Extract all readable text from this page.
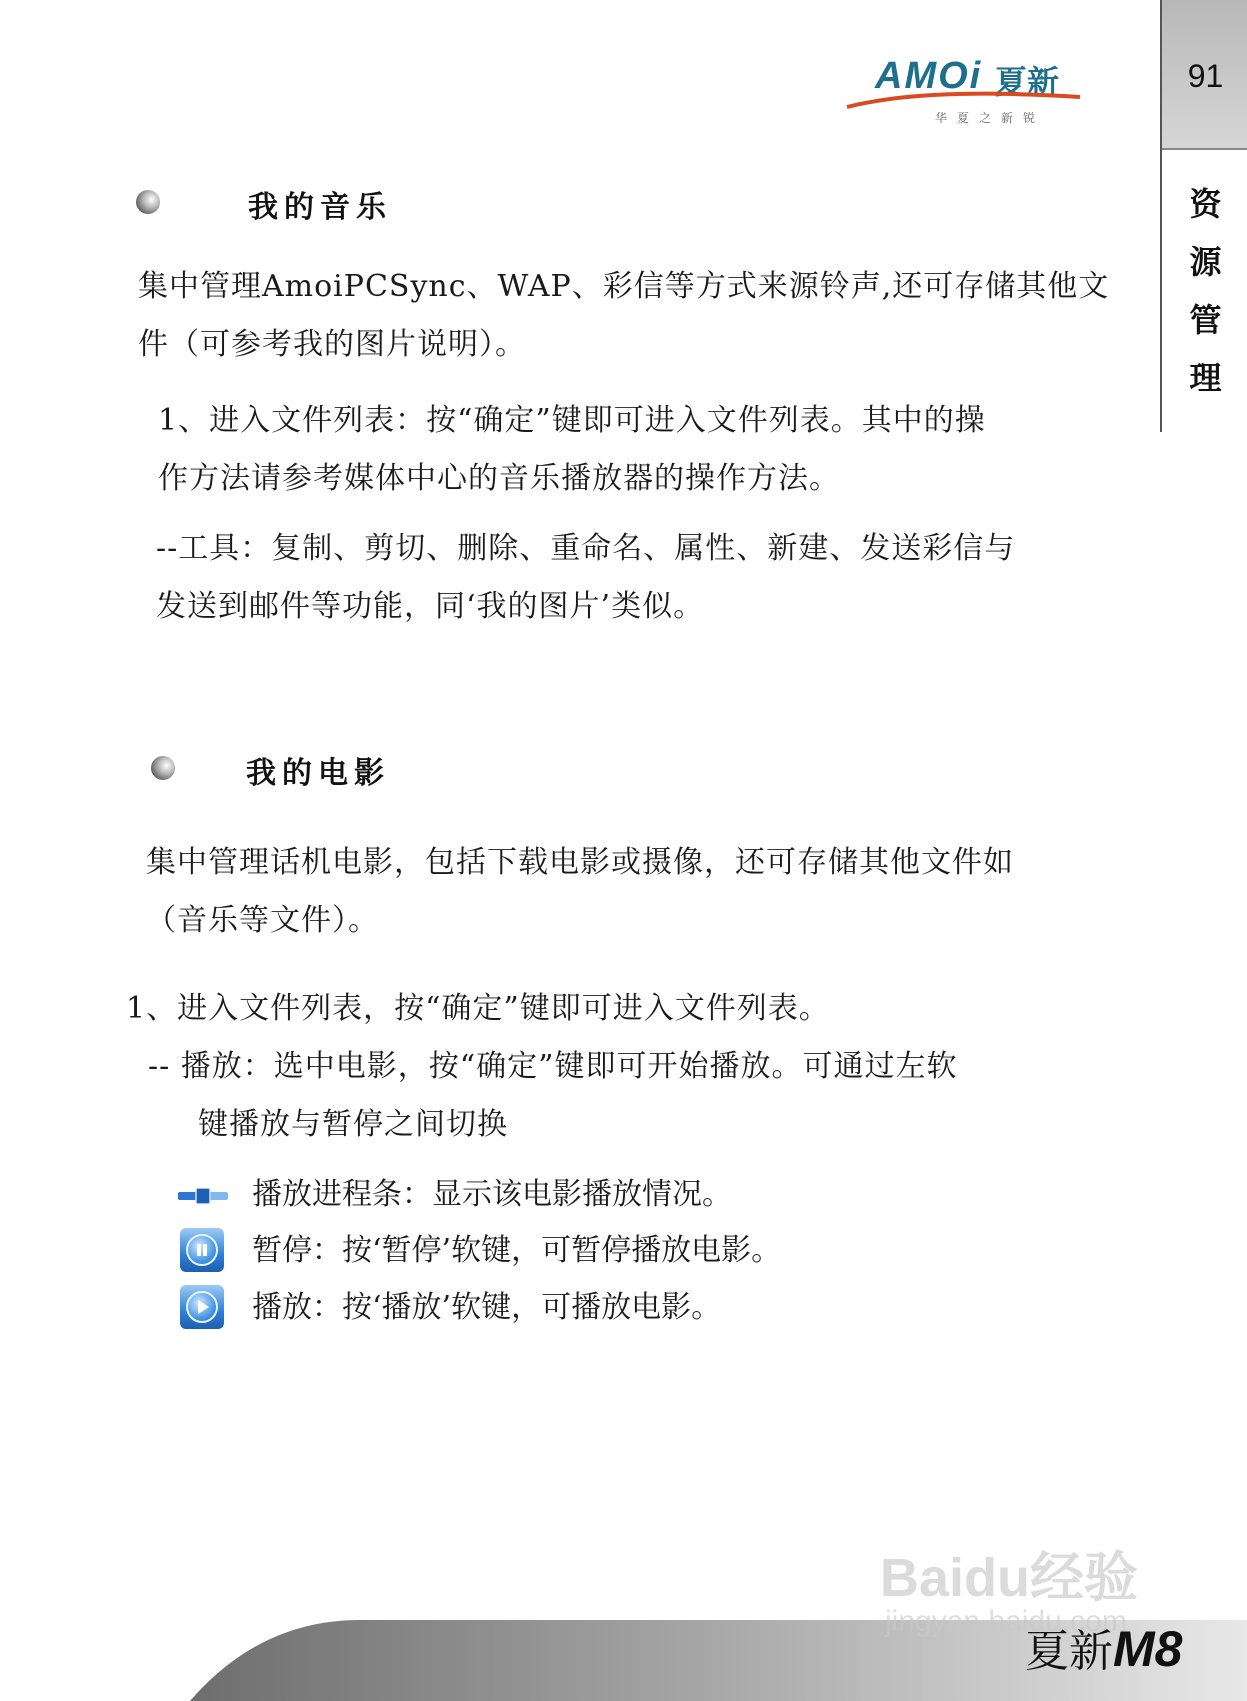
91
资
源
管
理
AMOi 夏新
华夏之新锐
我的音乐
集中管理AmoiPCSync、WAP、彩信等方式来源铃声,还可存储其他文
件（可参考我的图片说明）。
1、进入文件列表：按“确定”键即可进入文件列表。其中的操
作方法请参考媒体中心的音乐播放器的操作方法。
--工具：复制、剪切、删除、重命名、属性、新建、发送彩信与
发送到邮件等功能，同‘我的图片’类似。
我的电影
集中管理话机电影，包括下载电影或摄像，还可存储其他文件如
（音乐等文件）。
1、进入文件列表，按“确定”键即可进入文件列表。
-- 播放：选中电影，按“确定”键即可开始播放。可通过左软
键播放与暂停之间切换
播放进程条：显示该电影播放情况。
暂停：按‘暂停’软键，可暂停播放电影。
播放：按‘播放’软键，可播放电影。
Baidu经验
jingyan.baidu.com
夏新M8
